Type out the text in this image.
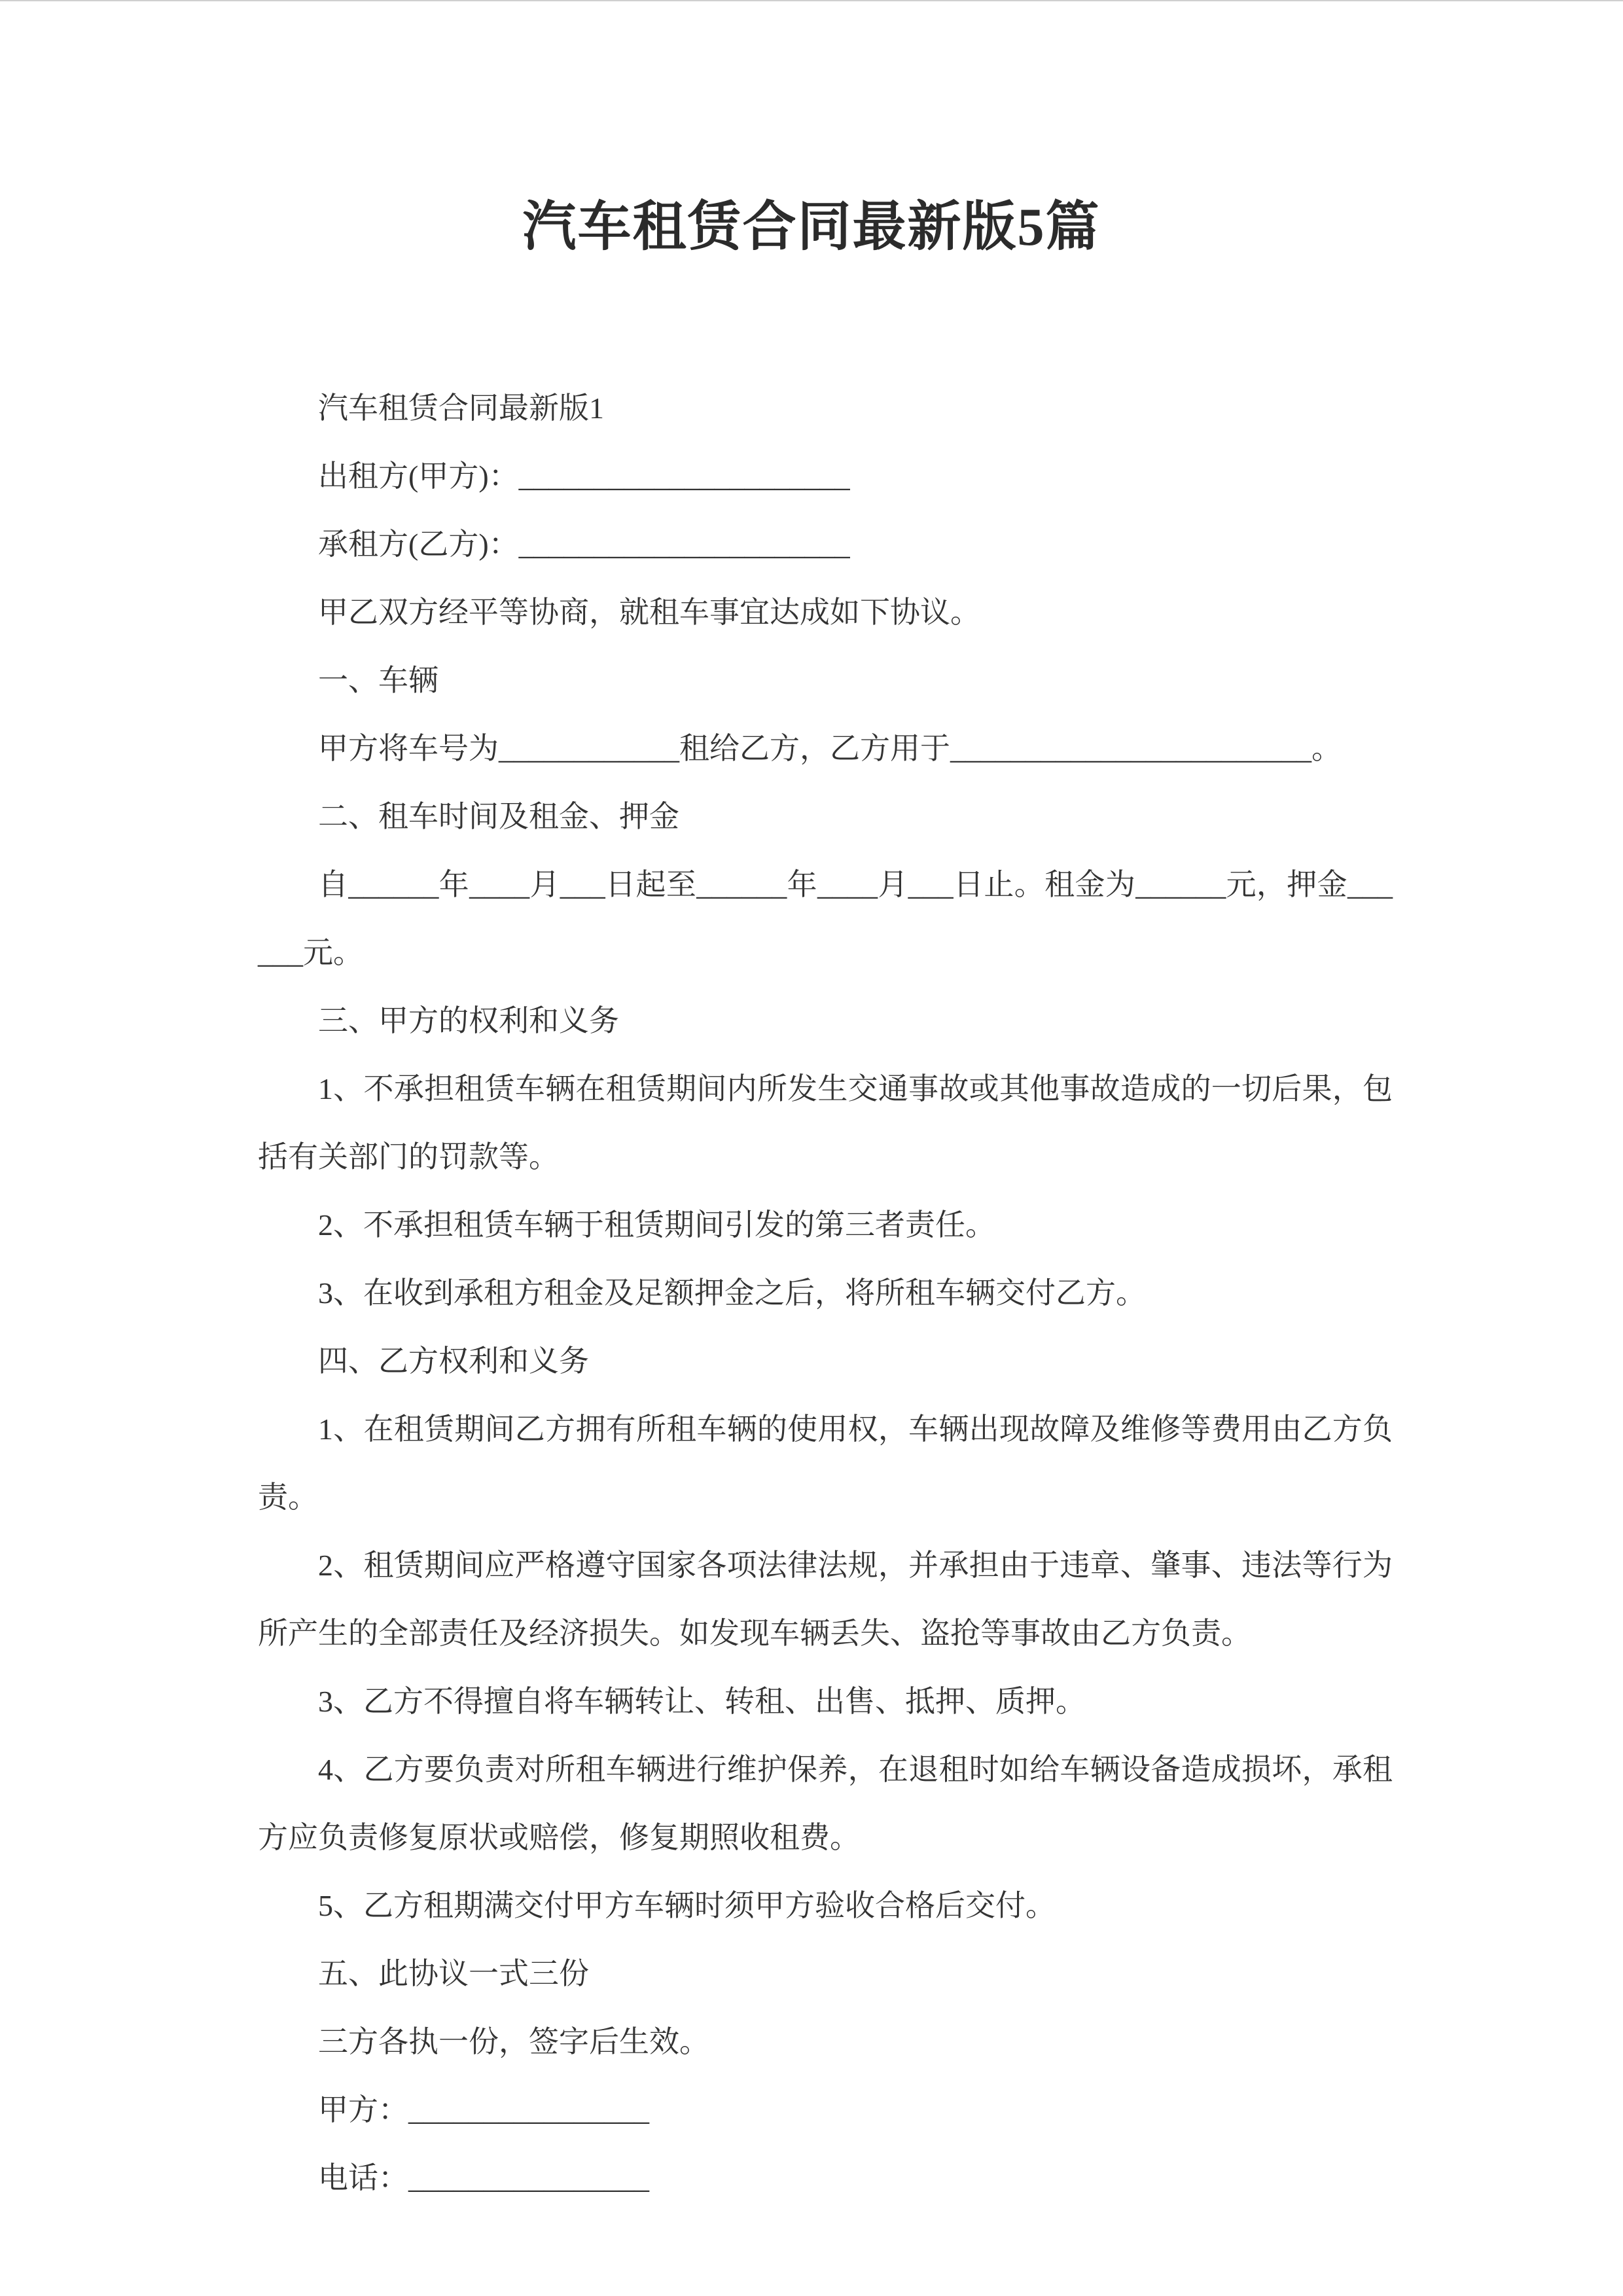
汽车租赁合同最新版5篇

汽车租赁合同最新版1

出租方(甲方)：______________________

承租方(乙方)：______________________

甲乙双方经平等协商，就租车事宜达成如下协议。

一、车辆

甲方将车号为____________租给乙方，乙方用于________________________。

二、租车时间及租金、押金

自______年____月___日起至______年____月___日止。租金为______元，押金______元。

三、甲方的权利和义务

1、不承担租赁车辆在租赁期间内所发生交通事故或其他事故造成的一切后果，包括有关部门的罚款等。

2、不承担租赁车辆于租赁期间引发的第三者责任。

3、在收到承租方租金及足额押金之后，将所租车辆交付乙方。

四、乙方权利和义务

1、在租赁期间乙方拥有所租车辆的使用权，车辆出现故障及维修等费用由乙方负责。

2、租赁期间应严格遵守国家各项法律法规，并承担由于违章、肇事、违法等行为所产生的全部责任及经济损失。如发现车辆丢失、盗抢等事故由乙方负责。

3、乙方不得擅自将车辆转让、转租、出售、抵押、质押。

4、乙方要负责对所租车辆进行维护保养，在退租时如给车辆设备造成损坏，承租方应负责修复原状或赔偿，修复期照收租费。

5、乙方租期满交付甲方车辆时须甲方验收合格后交付。

五、此协议一式三份

三方各执一份，签字后生效。

甲方：________________

电话：________________
